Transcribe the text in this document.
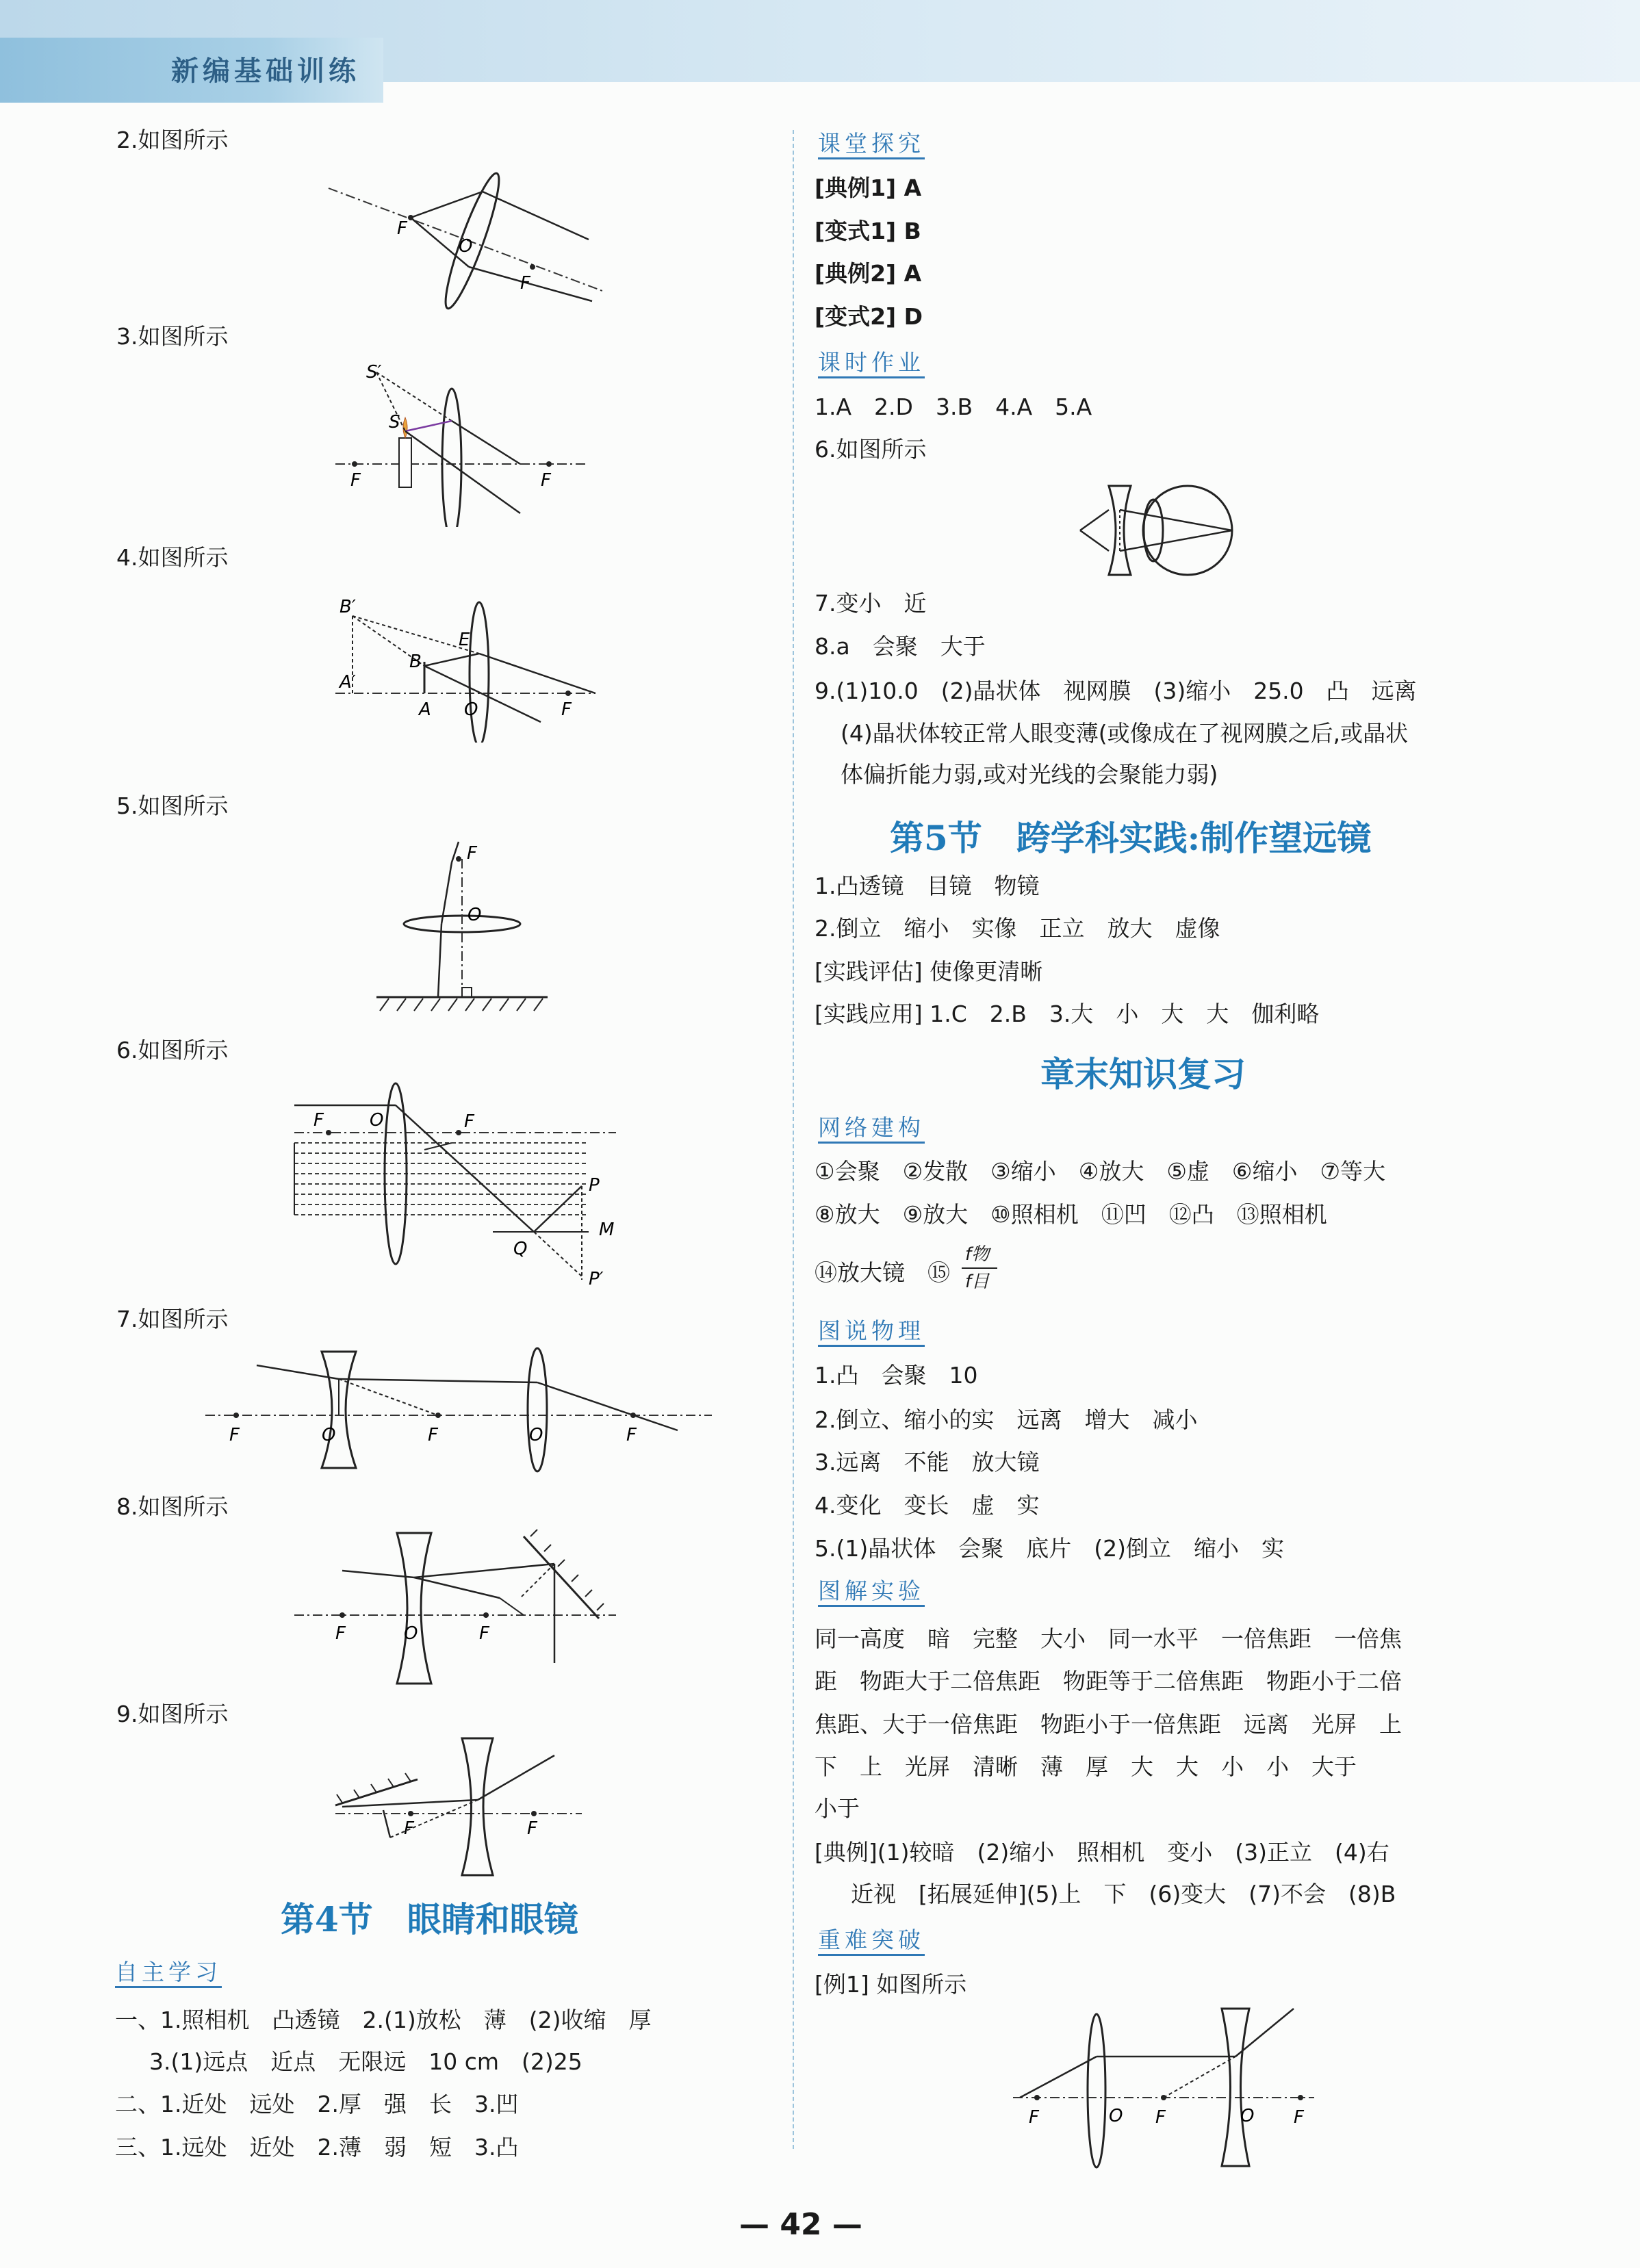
新编基础训练
2.如图所示
F
O
F
3.如图所示
S′
S
F	F
4.如图所示
B′
A′
B
A
E
O	F
5.如图所示
F
O
6.如图所示
F	O	F
P
M
Q
P′
7.如图所示
F	O	F	O	F
8.如图所示
F	O	F
9.如图所示
F	F
第4节　眼睛和眼镜
自主学习
一、1.照相机　凸透镜　2.(1)放松　薄　(2)收缩　厚
3.(1)远点　近点　无限远　10 cm　(2)25
二、1.近处　远处　2.厚　强　长　3.凹
三、1.远处　近处　2.薄　弱　短　3.凸
课堂探究
[典例1] A
[变式1] B
[典例2] A
[变式2] D
课时作业
1.A　2.D　3.B　4.A　5.A
6.如图所示
7.变小　近
8.a　会聚　大于
9.(1)10.0　(2)晶状体　视网膜　(3)缩小　25.0　凸　远离
(4)晶状体较正常人眼变薄(或像成在了视网膜之后,或晶状
体偏折能力弱,或对光线的会聚能力弱)
第5节　跨学科实践:制作望远镜
1.凸透镜　目镜　物镜
2.倒立　缩小　实像　正立　放大　虚像
[实践评估] 使像更清晰
[实践应用] 1.C　2.B　3.大　小　大　大　伽利略
章末知识复习
网络建构
①会聚　②发散　③缩小　④放大　⑤虚　⑥缩小　⑦等大
⑧放大　⑨放大　⑩照相机　⑪凹　⑫凸　⑬照相机
⑭放大镜　⑮
f物
f目
图说物理
1.凸　会聚　10
2.倒立、缩小的实　远离　增大　减小
3.远离　不能　放大镜
4.变化　变长　虚　实
5.(1)晶状体　会聚　底片　(2)倒立　缩小　实
图解实验
同一高度　暗　完整　大小　同一水平　一倍焦距　一倍焦
距　物距大于二倍焦距　物距等于二倍焦距　物距小于二倍
焦距、大于一倍焦距　物距小于一倍焦距　远离　光屏　上
下　上　光屏　清晰　薄　厚　大　大　小　小　大于
小于
[典例](1)较暗　(2)缩小　照相机　变小　(3)正立　(4)右
近视　[拓展延伸](5)上　下　(6)变大　(7)不会　(8)B
重难突破
[例1] 如图所示
F	O F	O F
— 42 —
